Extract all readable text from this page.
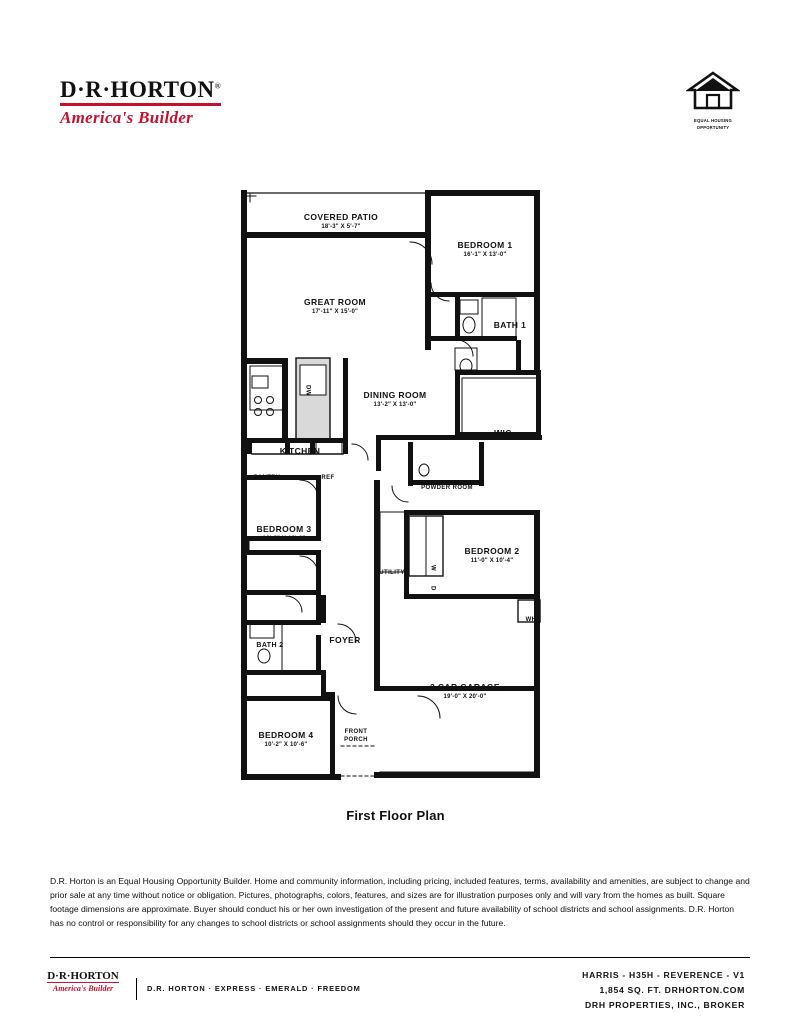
D·R·HORTON®
America's Builder	EQUAL HOUSING
OPPORTUNITY
COVERED PATIO
18'-3" X 5'-7"
BEDROOM 1
16'-1" X 13'-0"
GREAT ROOM
17'-11" X 15'-0"
BATH 1
DINING ROOM
13'-2" X 13'-0"
WIC
KITCHEN
PANTRY	REF
DW
POWDER ROOM
BEDROOM 3
10'-2" X 10'-0"
BEDROOM 2
11'-0" X 10'-4"
UTILITY
W
D
WH
BATH 2
FOYER
2 CAR GARAGE
19'-0" X 20'-0"
BEDROOM 4
10'-2" X 10'-6"
FRONT PORCH
First Floor Plan
D.R. Horton is an Equal Housing Opportunity Builder. Home and community information, including pricing, included features, terms, availability and amenities, are subject to change and prior sale at any time without notice or obligation. Pictures, photographs, colors, features, and sizes are for illustration purposes only and will vary from the homes as built. Square footage dimensions are approximate. Buyer should conduct his or her own investigation of the present and future availability of school districts and school assignments. D.R. Horton has no control or responsibility for any changes to school districts or school assignments should they occur in the future.
D·R·HORTON
America's Builder	D.R. HORTON · EXPRESS · EMERALD · FREEDOM
HARRIS - H35H - REVERENCE - V1
1,854 SQ. FT. DRHORTON.COM
DRH PROPERTIES, INC., BROKER
